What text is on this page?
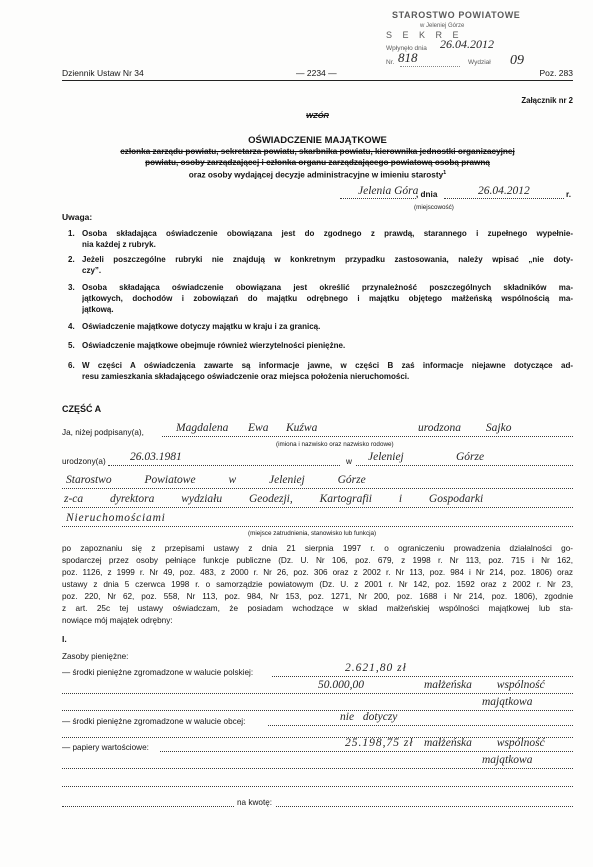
STAROSTWO POWIATOWE
w Jeleniej Górze
S E K R E
Wpłynęło dnia 26.04.2012
Nr. 818	Wydział 09
Dziennik Ustaw Nr 34	— 2234 —	Poz. 283
Załącznik nr 2
WZÓR
OŚWIADCZENIE MAJĄTKOWE
członka zarządu powiatu, sekretarza powiatu, skarbnika powiatu, kierownika jednostki organizacyjnej
powiatu, osoby zarządzającej i członka organu zarządzającego powiatową osobą prawną
oraz osoby wydającej decyzje administracyjne w imieniu starosty$^1$
Jelenia Góra
, dnia	26.04.2012	r.
(miejscowość)
Uwaga:
1. Osoba składająca oświadczenie obowiązana jest do zgodnego z prawdą, starannego i zupełnego wypełnie-
nia każdej z rubryk.
2. Jeżeli poszczególne rubryki nie znajdują w konkretnym przypadku zastosowania, należy wpisać „nie doty-
czy”.
3. Osoba składająca oświadczenie obowiązana jest określić przynależność poszczególnych składników ma-
jątkowych, dochodów i zobowiązań do majątku odrębnego i majątku objętego małżeńską wspólnością ma-
jątkową.
4. Oświadczenie majątkowe dotyczy majątku w kraju i za granicą.
5. Oświadczenie majątkowe obejmuje również wierzytelności pieniężne.
6. W części A oświadczenia zawarte są informacje jawne, w części B zaś informacje niejawne dotyczące ad-
resu zamieszkania składającego oświadczenie oraz miejsca położenia nieruchomości.
CZĘŚĆ A
Ja, niżej podpisany(a),	Magdalena Ewa Kuźwa	urodzona Sajko
(imiona i nazwisko oraz nazwisko rodowe)
urodzony(a) 26.03.1981	w Jeleniej	Górze
Starostwo Powiatowe w Jeleniej Górze
z-ca dyrektora wydziału Geodezji, Kartografii i Gospodarki
Nieruchomościami
(miejsce zatrudnienia, stanowisko lub funkcja)
po zapoznaniu się z przepisami ustawy z dnia 21 sierpnia 1997 r. o ograniczeniu prowadzenia działalności go-
spodarczej przez osoby pełniące funkcje publiczne (Dz. U. Nr 106, poz. 679, z 1998 r. Nr 113, poz. 715 i Nr 162,
poz. 1126, z 1999 r. Nr 49, poz. 483, z 2000 r. Nr 26, poz. 306 oraz z 2002 r. Nr 113, poz. 984 i Nr 214, poz. 1806) oraz
ustawy z dnia 5 czerwca 1998 r. o samorządzie powiatowym (Dz. U. z 2001 r. Nr 142, poz. 1592 oraz z 2002 r. Nr 23,
poz. 220, Nr 62, poz. 558, Nr 113, poz. 984, Nr 153, poz. 1271, Nr 200, poz. 1688 i Nr 214, poz. 1806), zgodnie
z art. 25c tej ustawy oświadczam, że posiadam wchodzące w skład małżeńskiej wspólności majątkowej lub sta-
nowiące mój majątek odrębny:
I.
Zasoby pieniężne:
— środki pieniężne zgromadzone w walucie polskiej:	2.621,80 zł
50.000,00	małżeńska wspólność
majątkowa
— środki pieniężne zgromadzone w walucie obcej:	nie dotyczy
— papiery wartościowe:	25.198,75 zł małżeńska wspólność
majątkowa
na kwotę:
